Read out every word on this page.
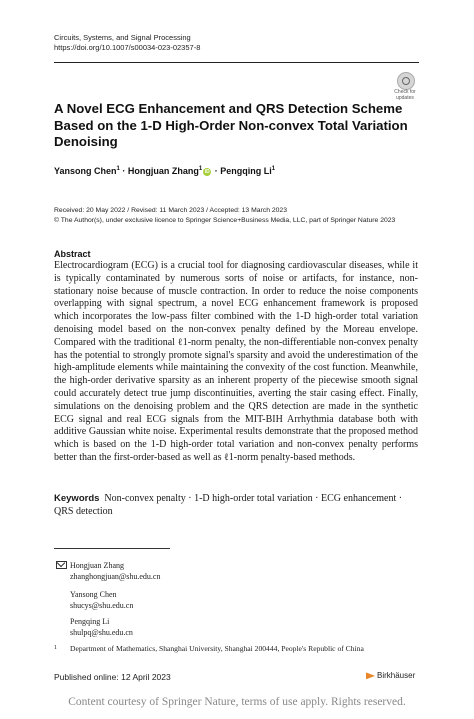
Circuits, Systems, and Signal Processing
https://doi.org/10.1007/s00034-023-02357-8
Check for
updates
A Novel ECG Enhancement and QRS Detection Scheme Based on the 1-D High-Order Non-convex Total Variation Denoising
Yansong Chen$^1$ · Hongjuan Zhang$^1$ iD · Pengqing Li$^1$
Received: 20 May 2022 / Revised: 11 March 2023 / Accepted: 13 March 2023
© The Author(s), under exclusive licence to Springer Science+Business Media, LLC, part of Springer Nature 2023
Abstract
Electrocardiogram (ECG) is a crucial tool for diagnosing cardiovascular diseases, while it is typically contaminated by numerous sorts of noise or artifacts, for instance, non-stationary noise because of muscle contraction. In order to reduce the noise components overlapping with signal spectrum, a novel ECG enhancement framework is proposed which incorporates the low-pass filter combined with the 1-D high-order total variation denoising model based on the non-convex penalty defined by the Moreau envelope. Compared with the traditional ℓ1-norm penalty, the non-differentiable non-convex penalty has the potential to strongly promote signal's sparsity and avoid the underestimation of the high-amplitude elements while maintaining the convexity of the cost function. Meanwhile, the high-order derivative sparsity as an inherent property of the piecewise smooth signal could accurately detect true jump discontinuities, averting the stair casing effect. Finally, simulations on the denoising problem and the QRS detection are made in the synthetic ECG signal and real ECG signals from the MIT-BIH Arrhythmia database both with additive Gaussian white noise. Experimental results demonstrate that the proposed method which is based on the 1-D high-order total variation and non-convex penalty performs better than the first-order-based as well as ℓ1-norm penalty-based methods.
Keywords Non-convex penalty · 1-D high-order total variation · ECG enhancement · QRS detection
Hongjuan Zhang
zhanghongjuan@shu.edu.cn
Yansong Chen
shucys@shu.edu.cn
Pengqing Li
shulpq@shu.edu.cn
1 Department of Mathematics, Shanghai University, Shanghai 200444, People's Republic of China
Published online: 12 April 2023	Birkhäuser
Content courtesy of Springer Nature, terms of use apply. Rights reserved.
